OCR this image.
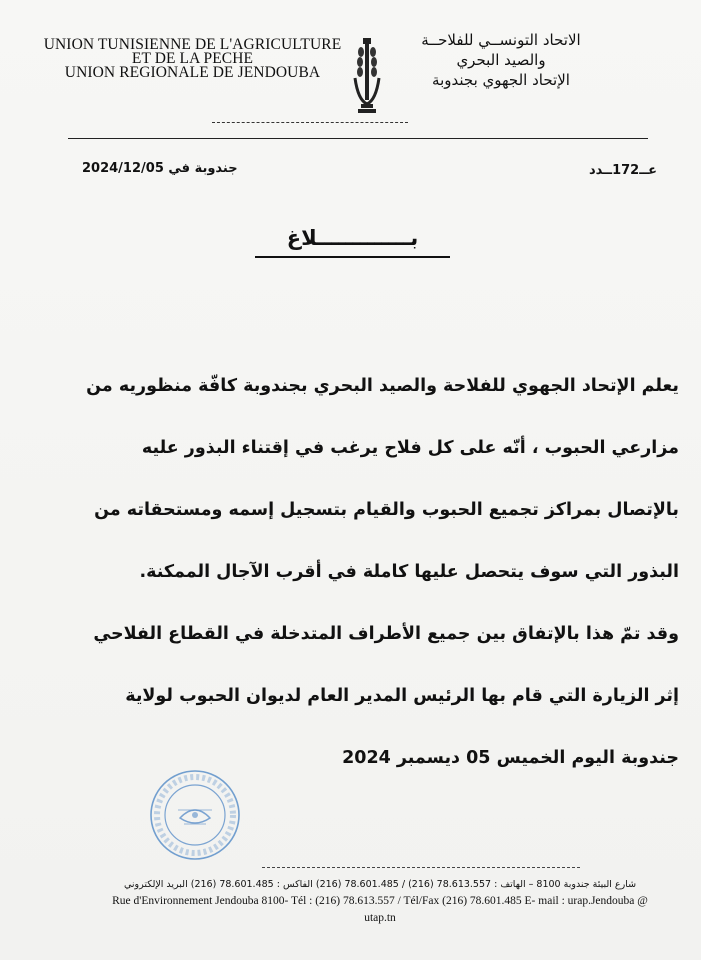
UNION TUNISIENNE DE L'AGRICULTURE
ET DE LA PECHE
UNION REGIONALE DE JENDOUBA
الاتحاد التونســي للفلاحــة
والصيد البحري
الإتحاد الجهوي بجندوبة
عــ172ــدد
جندوبة في 2024/12/05
بـــــــــــــلاغ
يعلم الإتحاد الجهوي للفلاحة والصيد البحري بجندوبة كافّة منظوريه من
مزارعي الحبوب ، أنّه على كل فلاح يرغب في إقتناء البذور عليه
بالإتصال بمراكز تجميع الحبوب والقيام بتسجيل إسمه ومستحقاته من
البذور التي سوف يتحصل عليها كاملة في أقرب الآجال الممكنة.
وقد تمّ هذا بالإتفاق بين جميع الأطراف المتدخلة في القطاع الفلاحي
إثر الزيارة التي قام بها الرئيس المدير العام لديوان الحبوب لولاية
جندوبة اليوم الخميس 05 ديسمبر 2024
شارع البيئة جندوبة 8100 – الهاتف : 78.613.557 (216) / 78.601.485 (216) الفاكس : 78.601.485 (216) البريد الإلكتروني
Rue d'Environnement Jendouba 8100- Tél : (216) 78.613.557 / Tél/Fax (216) 78.601.485 E- mail : urap.Jendouba @
utap.tn
